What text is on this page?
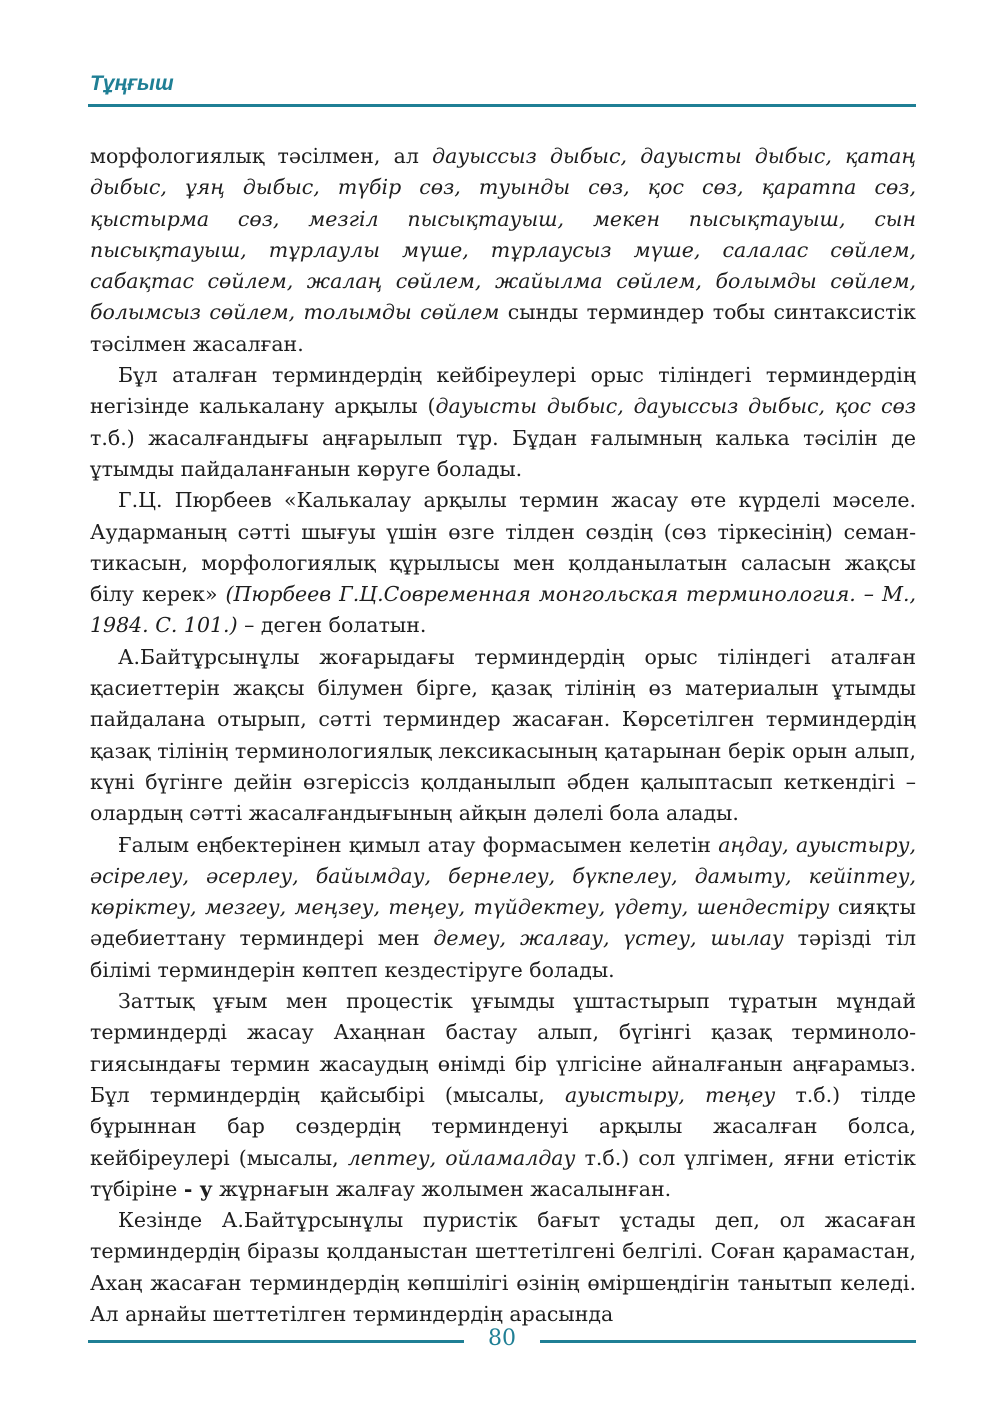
Тұңғыш

морфологиялық тәсілмен, ал дауыссыз дыбыс, дауысты дыбыс, қатаң дыбыс, ұяң дыбыс, түбір сөз, туынды сөз, қос сөз, қаратпа сөз, қыстырма сөз, мезгіл пысықтауыш, мекен пысықтауыш, сын пысықтауыш, тұрлаулы мүше, тұрлаусыз мүше, салалас сөйлем, сабақтас сөйлем, жалаң сөйлем, жайылма сөйлем, болымды сөйлем, болымсыз сөйлем, толымды сөйлем сынды терминдер тобы синтаксистік тәсілмен жасалған.

Бұл аталған терминдердің кейбіреулері орыс тіліндегі терминдердің негізінде калькалану арқылы (дауысты дыбыс, дауыссыз дыбыс, қос сөз т.б.) жасалғандығы аңғарылып тұр. Бұдан ғалымның калька тәсілін де ұтымды пайдаланғанын көруге болады.

Г.Ц. Пюрбеев «Калькалау арқылы термин жасау өте күрделі мәселе. Аударманың сәтті шығуы үшін өзге тілден сөздің (сөз тіркесінің) семантикасын, морфологиялық құрылысы мен қолданылатын саласын жақсы білу керек» (Пюрбеев Г.Ц.Современная монгольская терминология. – М., 1984. С. 101.) – деген болатын.

А.Байтұрсынұлы жоғарыдағы терминдердің орыс тіліндегі аталған қасиеттерін жақсы білумен бірге, қазақ тілінің өз материалын ұтымды пайдалана отырып, сәтті терминдер жасаған. Көрсетілген терминдердің қазақ тілінің терминологиялық лексикасының қатарынан берік орын алып, күні бүгінге дейін өзгеріссіз қолданылып әбден қалыптасып кеткендігі – олардың сәтті жасалғандығының айқын дәлелі бола алады.

Ғалым еңбектерінен қимыл атау формасымен келетін аңдау, ауыстыру, әсірелеу, әсерлеу, байымдау, бернелеу, бүкпелеу, дамыту, кейіптеу, көріктеу, мезгеу, меңзеу, теңеу, түйдектеу, үдету, шендестіру сияқты әдебиеттану терминдері мен демеу, жалғау, үстеу, шылау тәрізді тіл білімі терминдерін көптеп кездестіруге болады.

Заттық ұғым мен процестік ұғымды ұштастырып тұратын мұндай терминдерді жасау Ахаңнан бастау алып, бүгінгі қазақ терминологиясындағы термин жасаудың өнімді бір үлгісіне айналғанын аңғарамыз. Бұл терминдердің қайсыбірі (мысалы, ауыстыру, теңеу т.б.) тілде бұрыннан бар сөздердің терминденуі арқылы жасалған болса, кейбіреулері (мысалы, лептеу, ойламалдау т.б.) сол үлгімен, яғни етістік түбіріне - у жұрнағын жалғау жолымен жасалынған.

Кезінде А.Байтұрсынұлы пуристік бағыт ұстады деп, ол жасаған терминдердің біразы қолданыстан шеттетілгені белгілі. Соған қарамастан, Ахаң жасаған терминдердің көпшілігі өзінің өміршеңдігін танытып келеді. Ал арнайы шеттетілген терминдердің арасында

80
